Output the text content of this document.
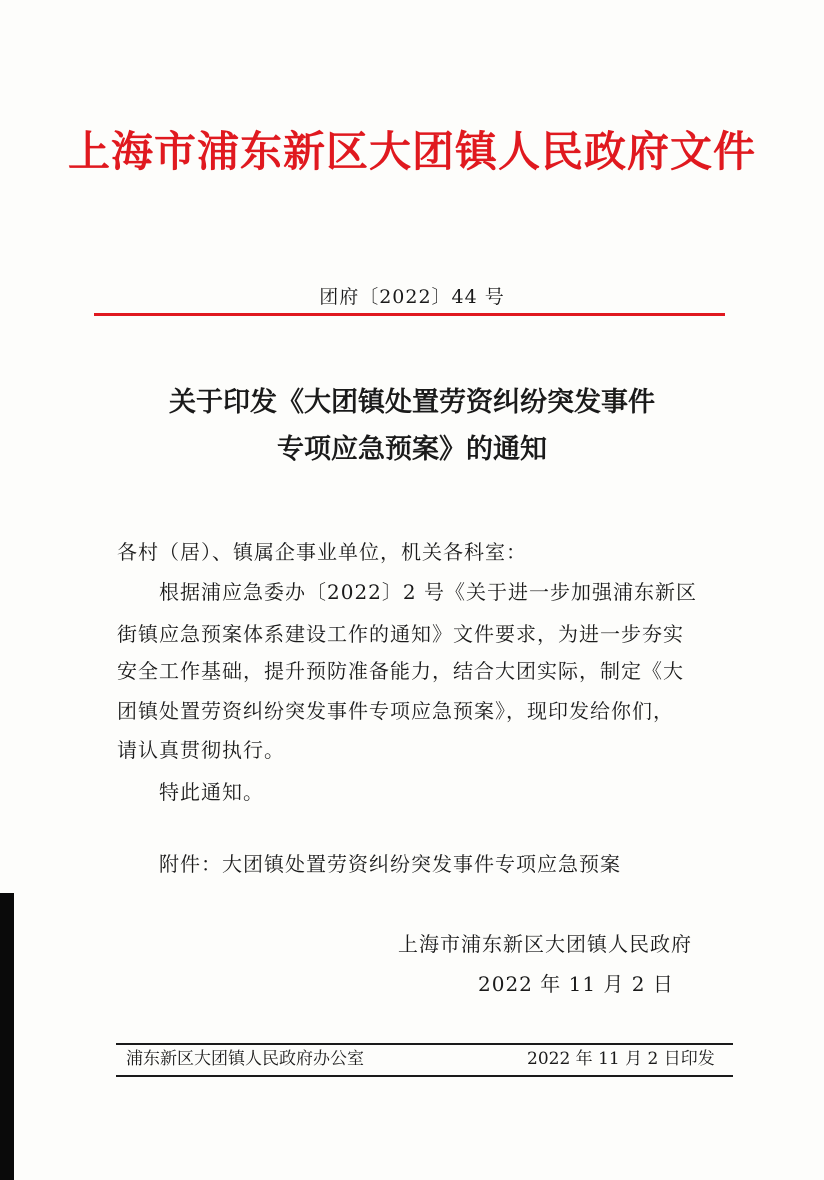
上海市浦东新区大团镇人民政府文件
团府〔2022〕44 号
关于印发《大团镇处置劳资纠纷突发事件
专项应急预案》的通知
各村（居）、镇属企事业单位，机关各科室：
根据浦应急委办〔2022〕2 号《关于进一步加强浦东新区
街镇应急预案体系建设工作的通知》文件要求，为进一步夯实
安全工作基础，提升预防准备能力，结合大团实际，制定《大
团镇处置劳资纠纷突发事件专项应急预案》，现印发给你们，
请认真贯彻执行。
特此通知。
附件：大团镇处置劳资纠纷突发事件专项应急预案
上海市浦东新区大团镇人民政府
2022 年 11 月 2 日
浦东新区大团镇人民政府办公室	2022 年 11 月 2 日印发
